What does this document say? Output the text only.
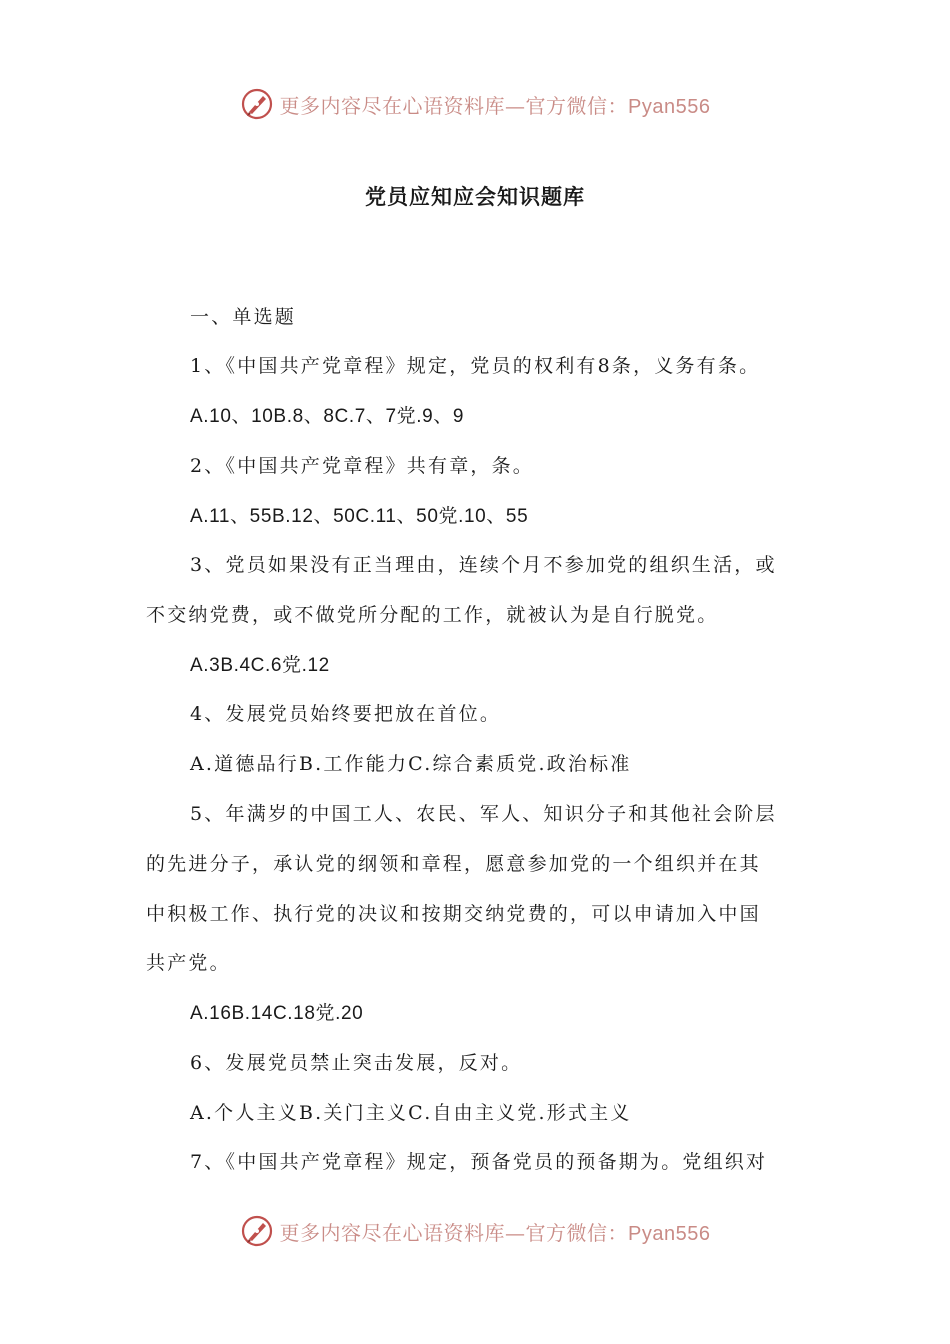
更多内容尽在心语资料库—官方微信：Pyan556
党员应知应会知识题库
一、单选题
1、《中国共产党章程》规定，党员的权利有8条，义务有条。
A.10、10B.8、8C.7、7党.9、9
2、《中国共产党章程》共有章，条。
A.11、55B.12、50C.11、50党.10、55
3、党员如果没有正当理由，连续个月不参加党的组织生活，或
不交纳党费，或不做党所分配的工作，就被认为是自行脱党。
A.3B.4C.6党.12
4、发展党员始终要把放在首位。
A.道德品行B.工作能力C.综合素质党.政治标准
5、年满岁的中国工人、农民、军人、知识分子和其他社会阶层
的先进分子，承认党的纲领和章程，愿意参加党的一个组织并在其
中积极工作、执行党的决议和按期交纳党费的，可以申请加入中国
共产党。
A.16B.14C.18党.20
6、发展党员禁止突击发展，反对。
A.个人主义B.关门主义C.自由主义党.形式主义
7、《中国共产党章程》规定，预备党员的预备期为。党组织对
更多内容尽在心语资料库—官方微信：Pyan556
